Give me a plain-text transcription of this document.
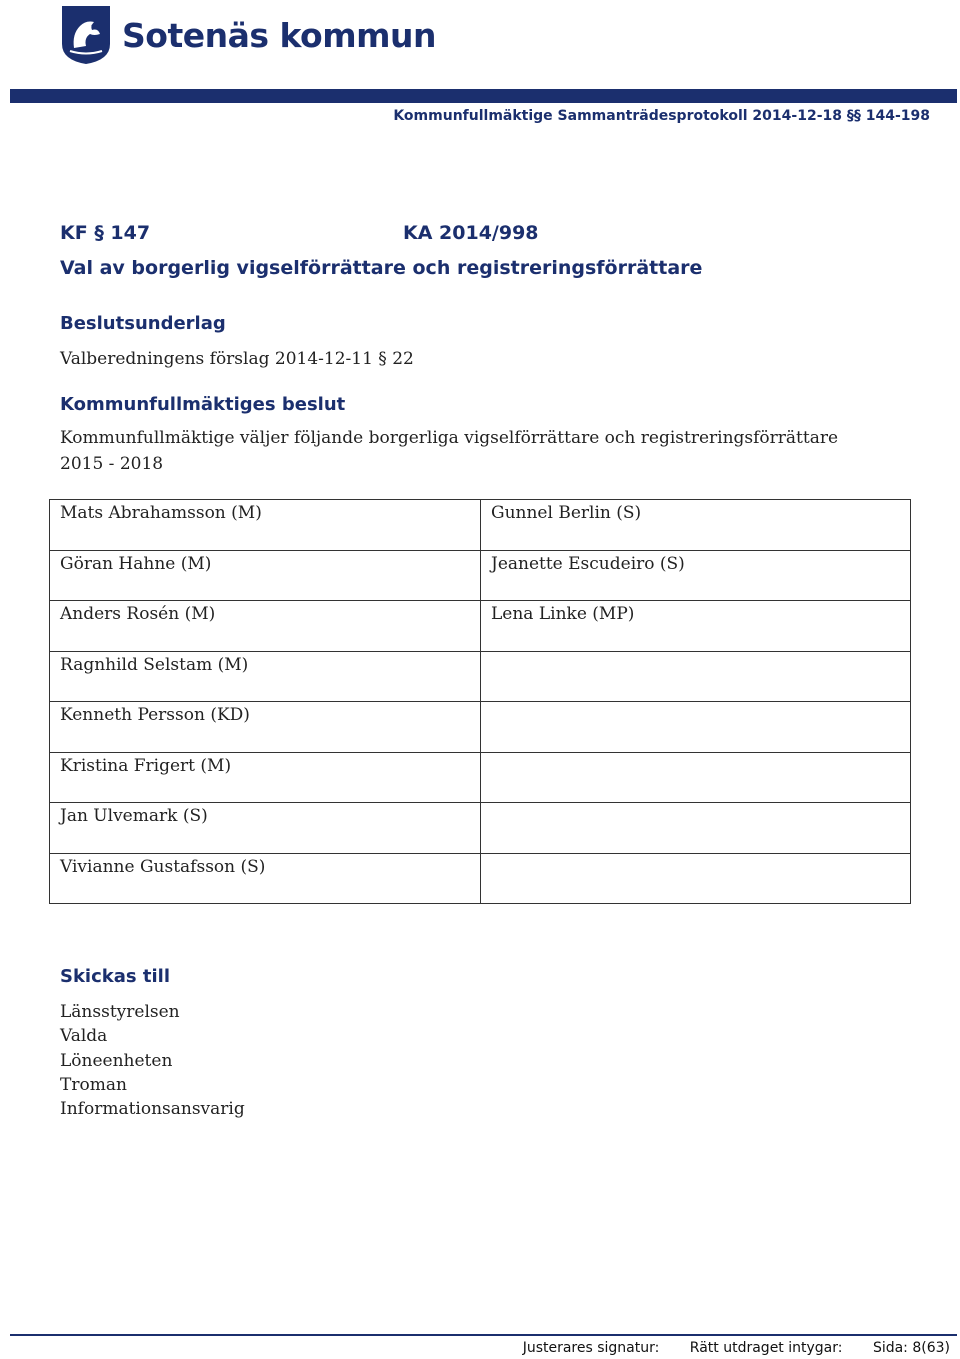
Sotenäs kommun
Kommunfullmäktige Sammanträdesprotokoll 2014-12-18 §§ 144-198
KF § 147	KA 2014/998
Val av borgerlig vigselförrättare och registreringsförrättare
Beslutsunderlag
Valberedningens förslag 2014-12-11 § 22
Kommunfullmäktiges beslut
Kommunfullmäktige väljer följande borgerliga vigselförrättare och registreringsförrättare
2015 - 2018
Mats Abrahamsson (M)	Gunnel Berlin (S)
Göran Hahne (M)	Jeanette Escudeiro (S)
Anders Rosén (M)	Lena Linke (MP)
Ragnhild Selstam (M)	
Kenneth Persson (KD)	
Kristina Frigert (M)	
Jan Ulvemark (S)	
Vivianne Gustafsson (S)	
Skickas till
Länsstyrelsen
Valda
Löneenheten
Troman
Informationsansvarig
Justerares signatur: Rätt utdraget intygar: Sida: 8(63)
